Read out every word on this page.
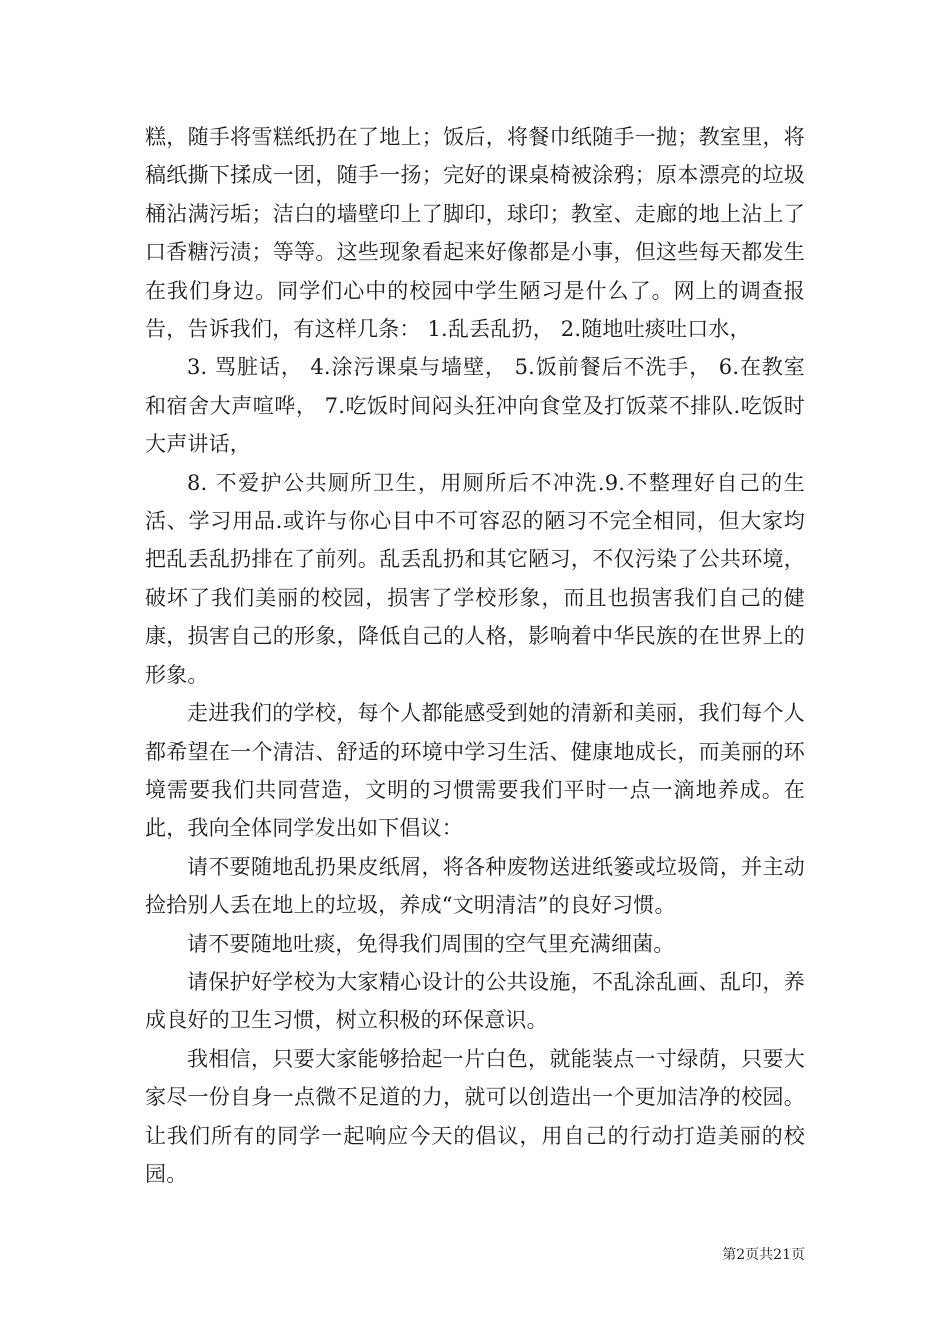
糕，随手将雪糕纸扔在了地上；饭后，将餐巾纸随手一抛；教室里，将稿纸撕下揉成一团，随手一扬；完好的课桌椅被涂鸦；原本漂亮的垃圾桶沾满污垢；洁白的墙壁印上了脚印，球印；教室、走廊的地上沾上了口香糖污渍；等等。这些现象看起来好像都是小事，但这些每天都发生在我们身边。同学们心中的校园中学生陋习是什么了。网上的调查报告，告诉我们，有这样几条： 1.乱丢乱扔， 2.随地吐痰吐口水，

3. 骂脏话， 4.涂污课桌与墙壁， 5.饭前餐后不洗手， 6.在教室和宿舍大声喧哗， 7.吃饭时间闷头狂冲向食堂及打饭菜不排队.吃饭时大声讲话，

8. 不爱护公共厕所卫生，用厕所后不冲洗.9.不整理好自己的生活、学习用品.或许与你心目中不可容忍的陋习不完全相同，但大家均把乱丢乱扔排在了前列。乱丢乱扔和其它陋习，不仅污染了公共环境，破坏了我们美丽的校园，损害了学校形象，而且也损害我们自己的健康，损害自己的形象，降低自己的人格，影响着中华民族的在世界上的形象。

走进我们的学校，每个人都能感受到她的清新和美丽，我们每个人都希望在一个清洁、舒适的环境中学习生活、健康地成长，而美丽的环境需要我们共同营造，文明的习惯需要我们平时一点一滴地养成。在此，我向全体同学发出如下倡议：

请不要随地乱扔果皮纸屑，将各种废物送进纸篓或垃圾筒，并主动捡拾别人丢在地上的垃圾，养成“文明清洁”的良好习惯。

请不要随地吐痰，免得我们周围的空气里充满细菌。

请保护好学校为大家精心设计的公共设施，不乱涂乱画、乱印，养成良好的卫生习惯，树立积极的环保意识。

我相信，只要大家能够拾起一片白色，就能装点一寸绿荫，只要大家尽一份自身一点微不足道的力，就可以创造出一个更加洁净的校园。让我们所有的同学一起响应今天的倡议，用自己的行动打造美丽的校园。

第2页共21页
